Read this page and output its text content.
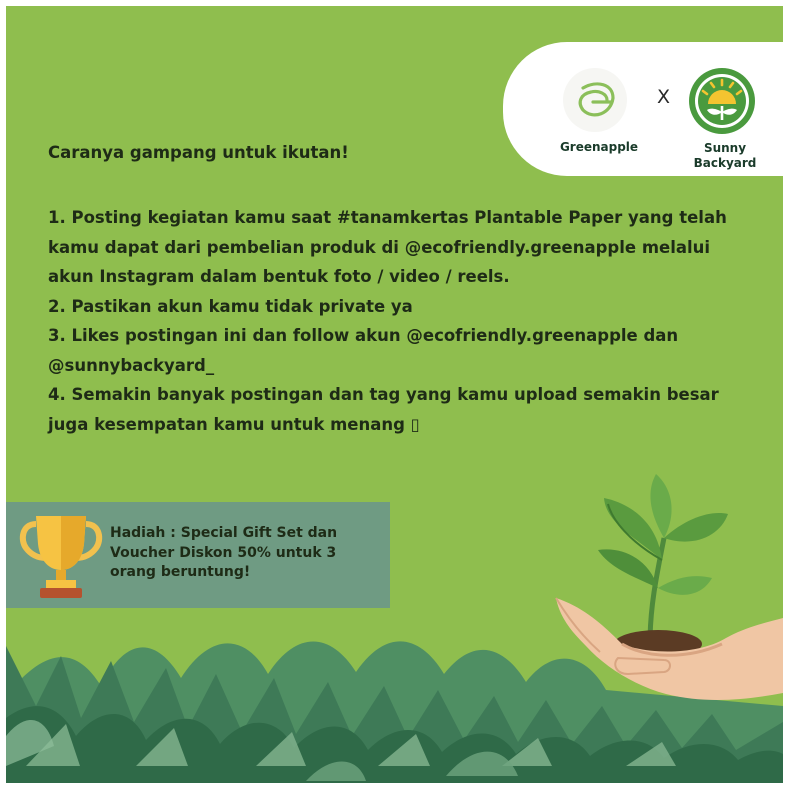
X
Greenapple	Sunny
Backyard

Caranya gampang untuk ikutan!

1. Posting kegiatan kamu saat #tanamkertas Plantable Paper yang telah kamu dapat dari pembelian produk di @ecofriendly.greenapple melalui akun Instagram dalam bentuk foto / video / reels.

2. Pastikan akun kamu tidak private ya

3. Likes postingan ini dan follow akun @ecofriendly.greenapple dan @sunnybackyard_

4. Semakin banyak postingan dan tag yang kamu upload semakin besar juga kesempatan kamu untuk menang ▯

Hadiah : Special Gift Set dan Voucher Diskon 50% untuk 3 orang beruntung!
